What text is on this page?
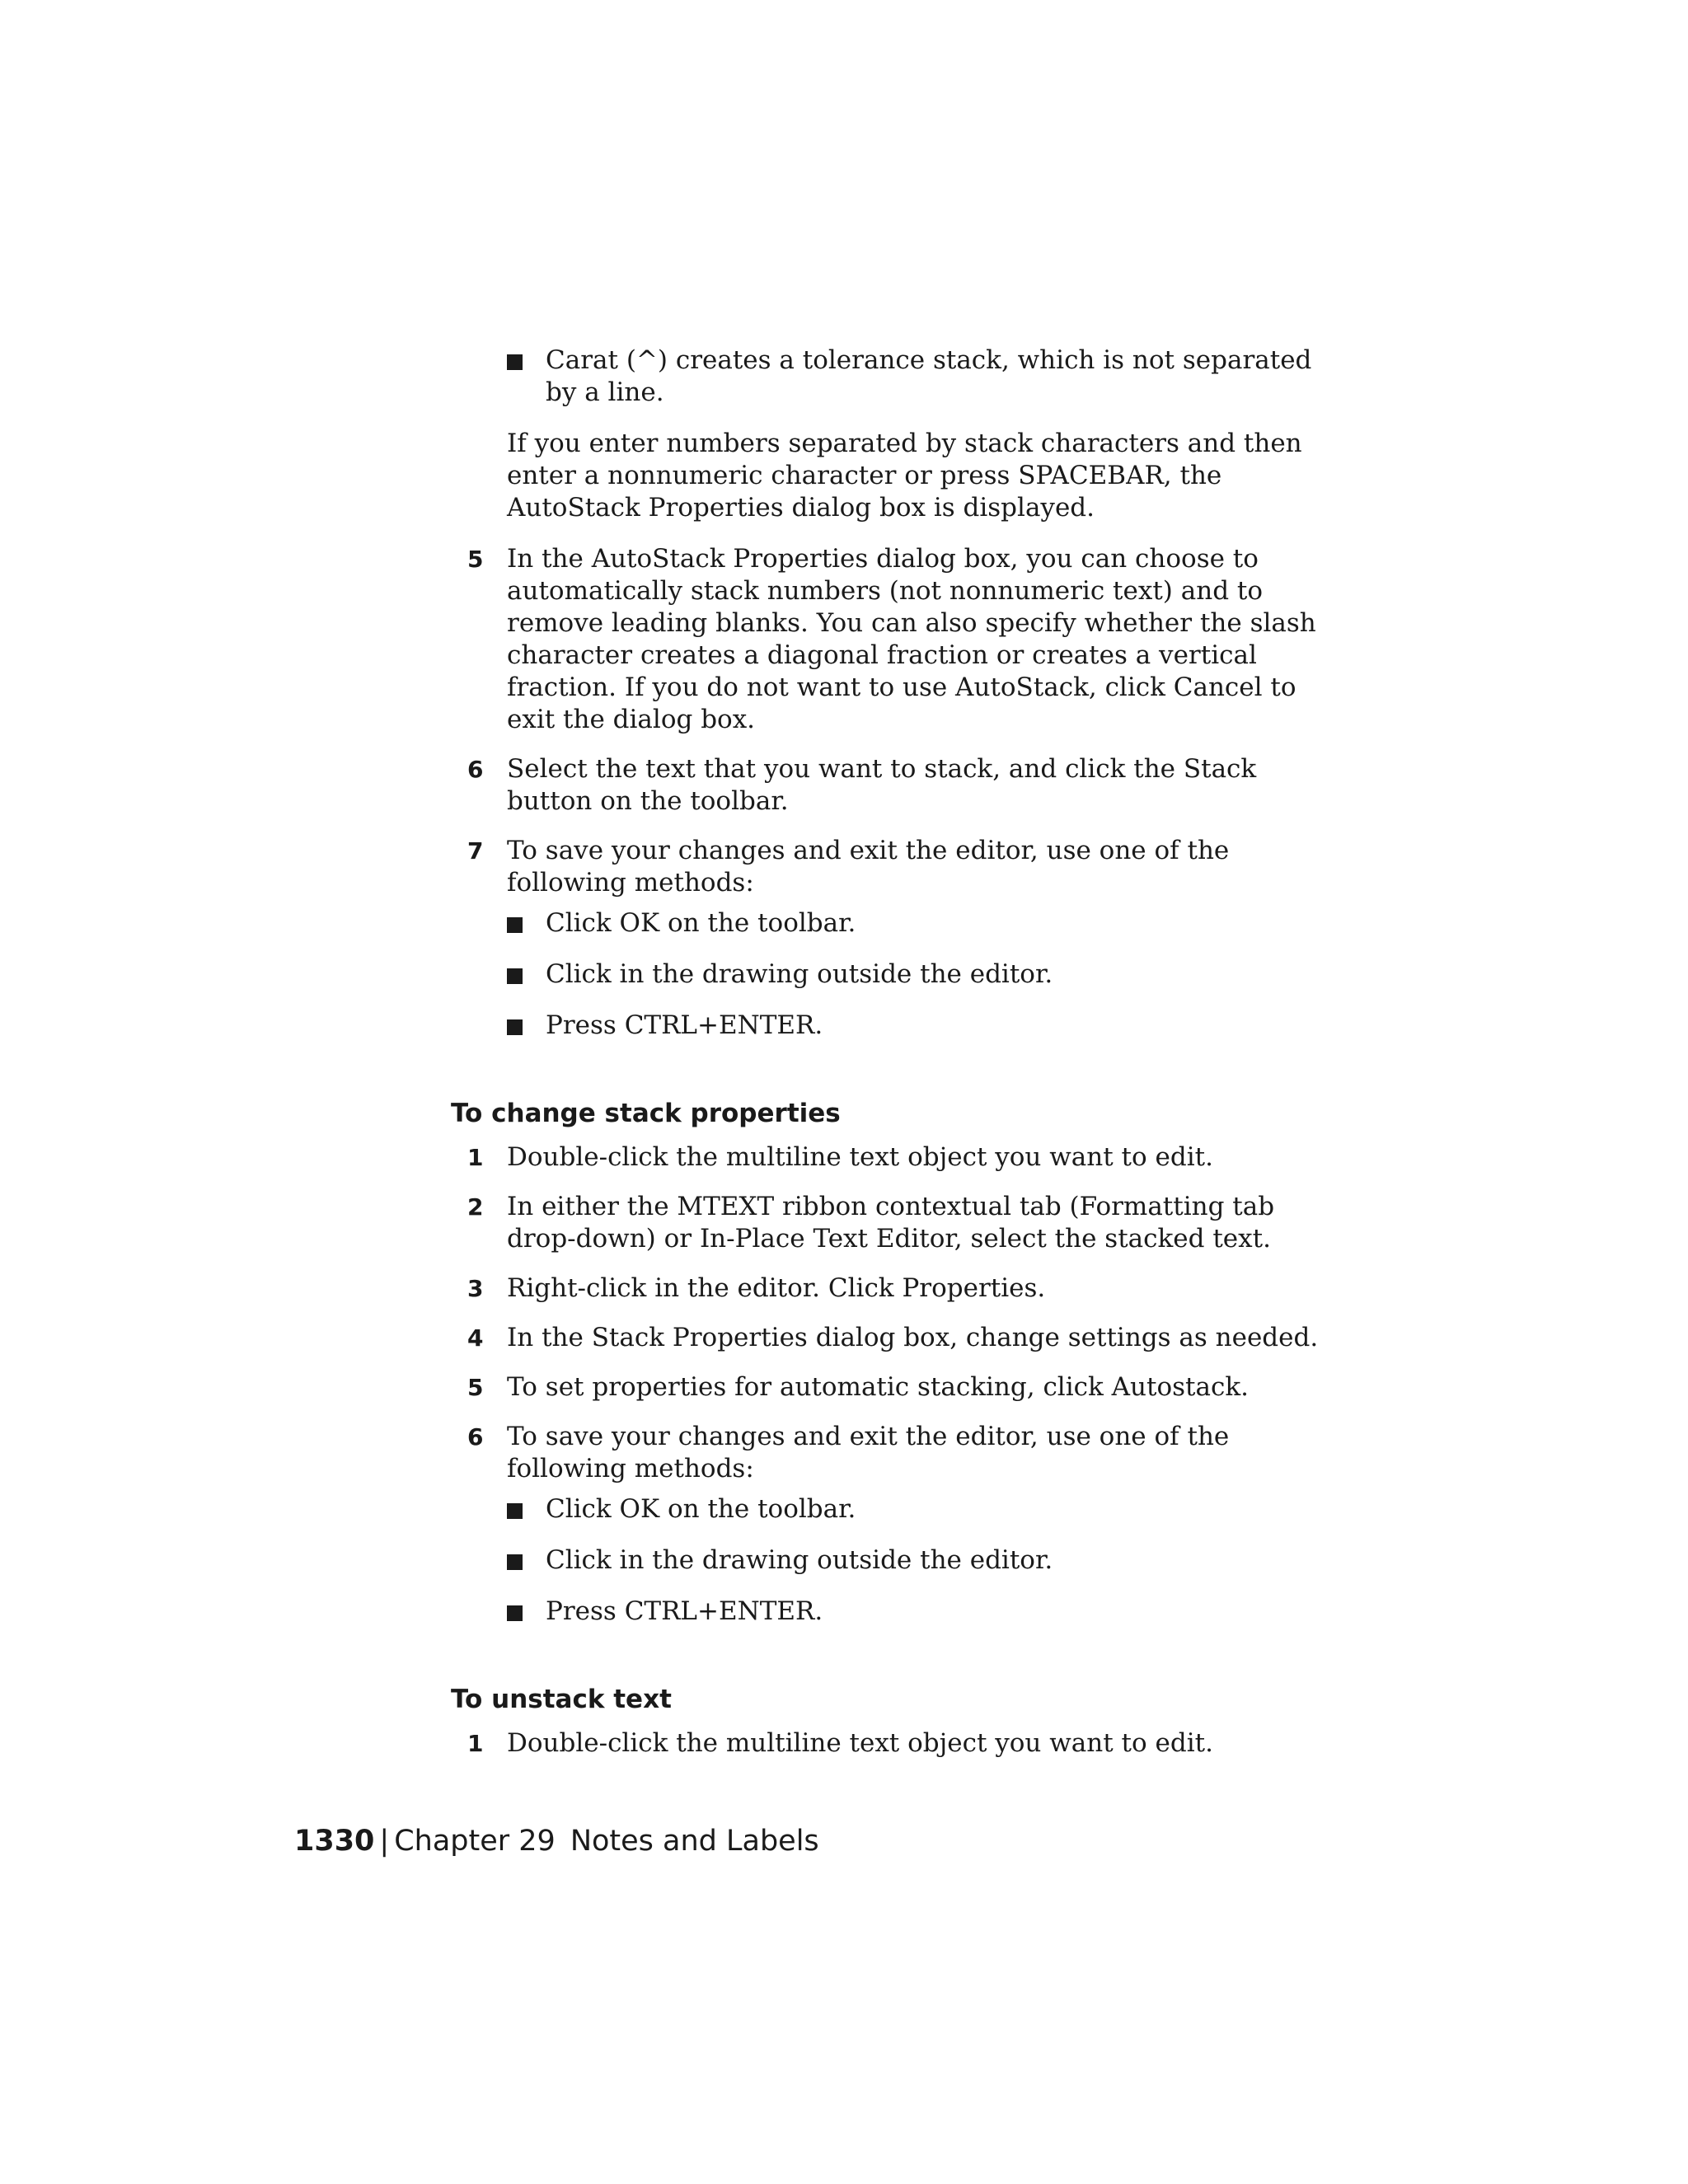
Carat (^) creates a tolerance stack, which is not separated by a line.

If you enter numbers separated by stack characters and then enter a nonnumeric character or press SPACEBAR, the AutoStack Properties dialog box is displayed.

5 In the AutoStack Properties dialog box, you can choose to automatically stack numbers (not nonnumeric text) and to remove leading blanks. You can also specify whether the slash character creates a diagonal fraction or creates a vertical fraction. If you do not want to use AutoStack, click Cancel to exit the dialog box.

6 Select the text that you want to stack, and click the Stack button on the toolbar.

7 To save your changes and exit the editor, use one of the following methods:

Click OK on the toolbar.

Click in the drawing outside the editor.

Press CTRL+ENTER.

To change stack properties

1 Double-click the multiline text object you want to edit.

2 In either the MTEXT ribbon contextual tab (Formatting tab drop-down) or In-Place Text Editor, select the stacked text.

3 Right-click in the editor. Click Properties.

4 In the Stack Properties dialog box, change settings as needed.

5 To set properties for automatic stacking, click Autostack.

6 To save your changes and exit the editor, use one of the following methods:

Click OK on the toolbar.

Click in the drawing outside the editor.

Press CTRL+ENTER.

To unstack text

1 Double-click the multiline text object you want to edit.

1330 | Chapter 29 Notes and Labels
